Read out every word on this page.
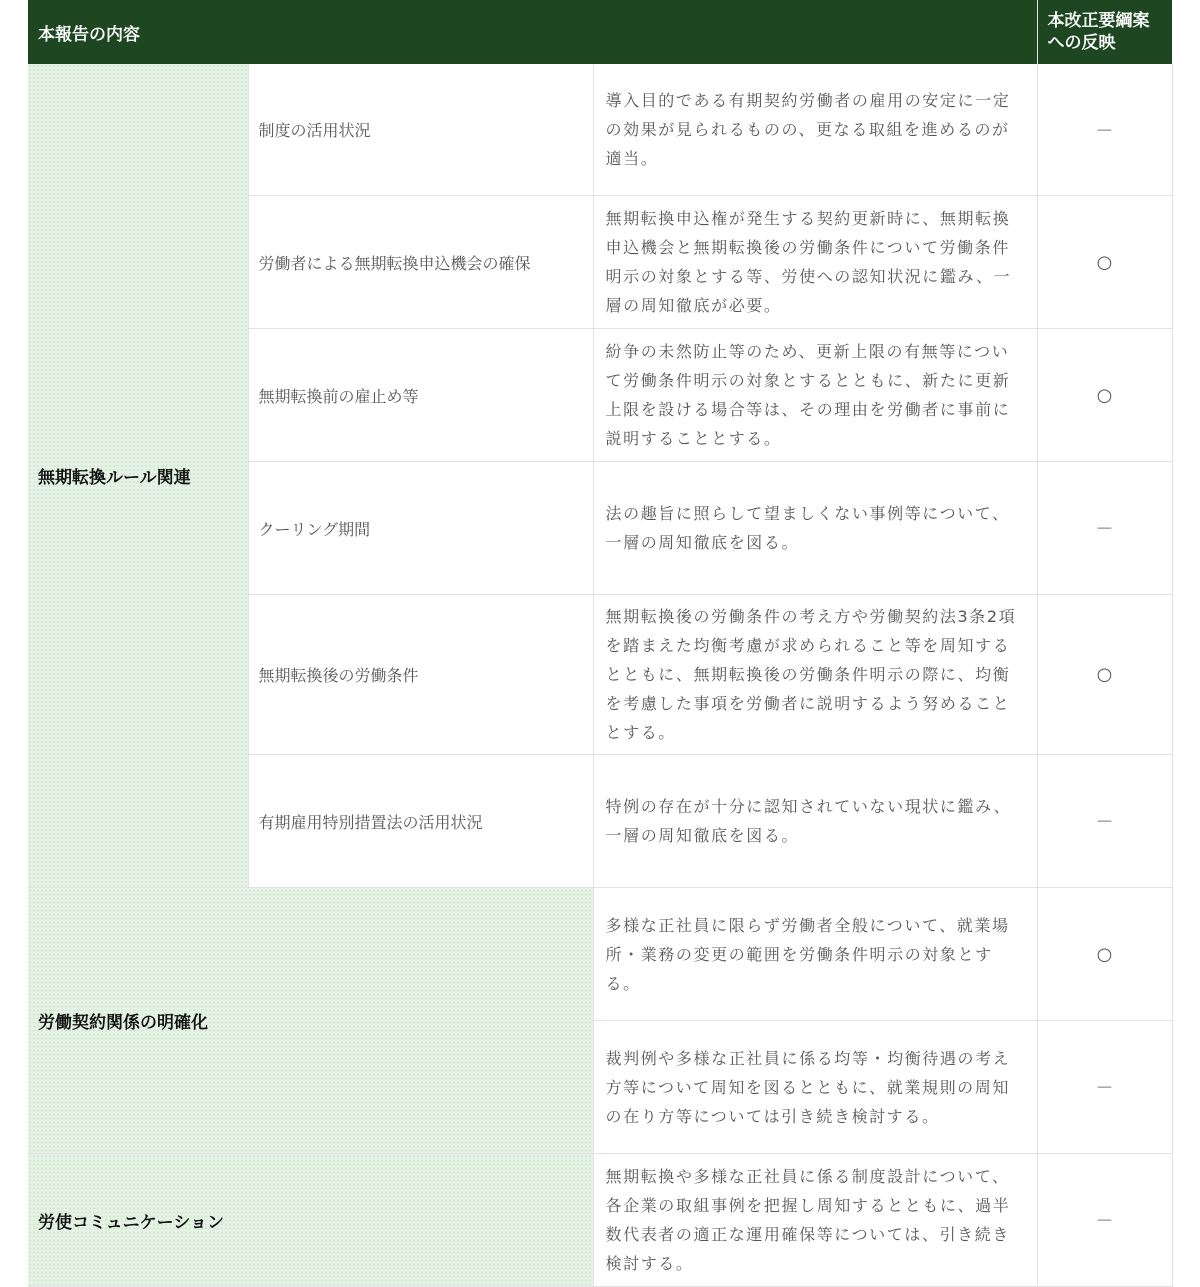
本報告の内容			本改正要綱案
への反映

無期転換ルール関連	制度の活用状況	導入目的である有期契約労働者の雇用の安定に一定の効果が見られるものの、更なる取組を進めるのが適当。	－
	労働者による無期転換申込機会の確保	無期転換申込権が発生する契約更新時に、無期転換申込機会と無期転換後の労働条件について労働条件明示の対象とする等、労使への認知状況に鑑み、一層の周知徹底が必要。	○
	無期転換前の雇止め等	紛争の未然防止等のため、更新上限の有無等について労働条件明示の対象とするとともに、新たに更新上限を設ける場合等は、その理由を労働者に事前に説明することとする。	○
	クーリング期間	法の趣旨に照らして望ましくない事例等について、一層の周知徹底を図る。	－
	無期転換後の労働条件	無期転換後の労働条件の考え方や労働契約法3条2項を踏まえた均衡考慮が求められること等を周知するとともに、無期転換後の労働条件明示の際に、均衡を考慮した事項を労働者に説明するよう努めることとする。	○
	有期雇用特別措置法の活用状況	特例の存在が十分に認知されていない現状に鑑み、一層の周知徹底を図る。	－
労働契約関係の明確化		多様な正社員に限らず労働者全般について、就業場所・業務の変更の範囲を労働条件明示の対象とする。	○
		裁判例や多様な正社員に係る均等・均衡待遇の考え方等について周知を図るとともに、就業規則の周知の在り方等については引き続き検討する。	－
労使コミュニケーション		無期転換や多様な正社員に係る制度設計について、各企業の取組事例を把握し周知するとともに、過半数代表者の適正な運用確保等については、引き続き検討する。	－
